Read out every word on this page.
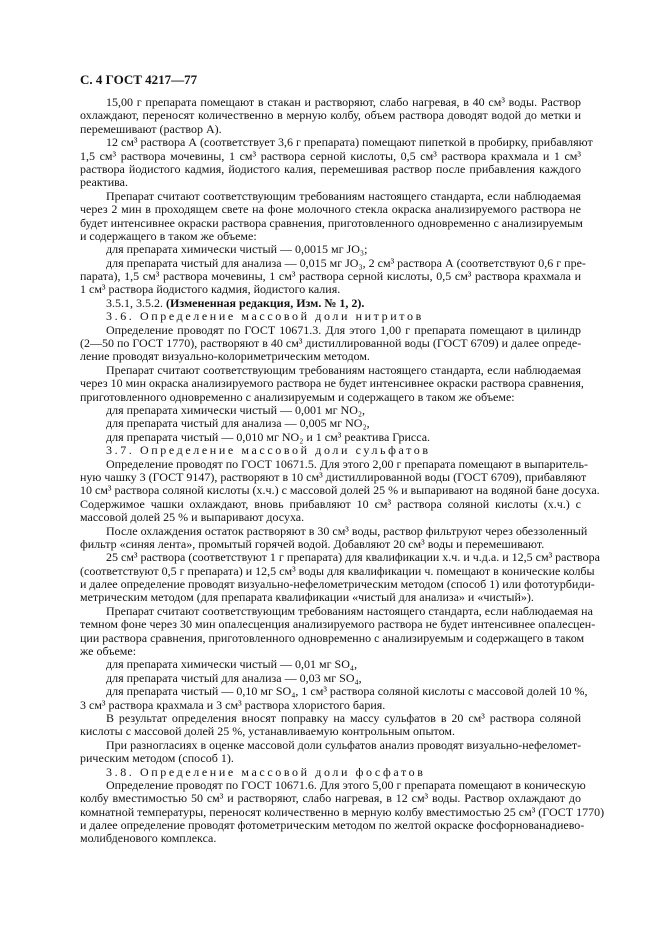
С. 4 ГОСТ 4217—77
15,00 г препарата помещают в стакан и растворяют, слабо нагревая, в 40 см³ воды. Раствор
охлаждают, переносят количественно в мерную колбу, объем раствора доводят водой до метки и
перемешивают (раствор А).
12 см³ раствора А (соответствует 3,6 г препарата) помещают пипеткой в пробирку, прибавляют
1,5 см³ раствора мочевины, 1 см³ раствора серной кислоты, 0,5 см³ раствора крахмала и 1 см³
раствора йодистого кадмия, йодистого калия, перемешивая раствор после прибавления каждого
реактива.
Препарат считают соответствующим требованиям настоящего стандарта, если наблюдаемая
через 2 мин в проходящем свете на фоне молочного стекла окраска анализируемого раствора не
будет интенсивнее окраски раствора сравнения, приготовленного одновременно с анализируемым
и содержащего в таком же объеме:
для препарата химически чистый — 0,0015 мг JO₃;
для препарата чистый для анализа — 0,015 мг JO₃, 2 см³ раствора А (соответствуют 0,6 г пре-
парата), 1,5 см³ раствора мочевины, 1 см³ раствора серной кислоты, 0,5 см³ раствора крахмала и
1 см³ раствора йодистого кадмия, йодистого калия.
3.5.1, 3.5.2. (Измененная редакция, Изм. № 1, 2).
3.6. Определение массовой доли нитритов
Определение проводят по ГОСТ 10671.3. Для этого 1,00 г препарата помещают в цилиндр
(2—50 по ГОСТ 1770), растворяют в 40 см³ дистиллированной воды (ГОСТ 6709) и далее опреде-
ление проводят визуально-колориметрическим методом.
Препарат считают соответствующим требованиям настоящего стандарта, если наблюдаемая
через 10 мин окраска анализируемого раствора не будет интенсивнее окраски раствора сравнения,
приготовленного одновременно с анализируемым и содержащего в таком же объеме:
для препарата химически чистый — 0,001 мг NO₂,
для препарата чистый для анализа — 0,005 мг NO₂,
для препарата чистый — 0,010 мг NO₂ и 1 см³ реактива Грисса.
3.7. Определение массовой доли сульфатов
Определение проводят по ГОСТ 10671.5. Для этого 2,00 г препарата помещают в выпаритель-
ную чашку 3 (ГОСТ 9147), растворяют в 10 см³ дистиллированной воды (ГОСТ 6709), прибавляют
10 см³ раствора соляной кислоты (х.ч.) с массовой долей 25 % и выпаривают на водяной бане досуха.
Содержимое чашки охлаждают, вновь прибавляют 10 см³ раствора соляной кислоты (х.ч.) с
массовой долей 25 % и выпаривают досуха.
После охлаждения остаток растворяют в 30 см³ воды, раствор фильтруют через обеззоленный
фильтр «синяя лента», промытый горячей водой. Добавляют 20 см³ воды и перемешивают.
25 см³ раствора (соответствуют 1 г препарата) для квалификации х.ч. и ч.д.а. и 12,5 см³ раствора
(соответствуют 0,5 г препарата) и 12,5 см³ воды для квалификации ч. помещают в конические колбы
и далее определение проводят визуально-нефелометрическим методом (способ 1) или фототурбиди-
метрическим методом (для препарата квалификации «чистый для анализа» и «чистый»).
Препарат считают соответствующим требованиям настоящего стандарта, если наблюдаемая на
темном фоне через 30 мин опалесценция анализируемого раствора не будет интенсивнее опалесцен-
ции раствора сравнения, приготовленного одновременно с анализируемым и содержащего в таком
же объеме:
для препарата химически чистый — 0,01 мг SO₄,
для препарата чистый для анализа — 0,03 мг SO₄,
для препарата чистый — 0,10 мг SO₄, 1 см³ раствора соляной кислоты с массовой долей 10 %,
3 см³ раствора крахмала и 3 см³ раствора хлористого бария.
В результат определения вносят поправку на массу сульфатов в 20 см³ раствора соляной
кислоты с массовой долей 25 %, устанавливаемую контрольным опытом.
При разногласиях в оценке массовой доли сульфатов анализ проводят визуально-нефеломет-
рическим методом (способ 1).
3.8. Определение массовой доли фосфатов
Определение проводят по ГОСТ 10671.6. Для этого 5,00 г препарата помещают в коническую
колбу вместимостью 50 см³ и растворяют, слабо нагревая, в 12 см³ воды. Раствор охлаждают до
комнатной температуры, переносят количественно в мерную колбу вместимостью 25 см³ (ГОСТ 1770)
и далее определение проводят фотометрическим методом по желтой окраске фосфорнованадиево-
молибденового комплекса.
